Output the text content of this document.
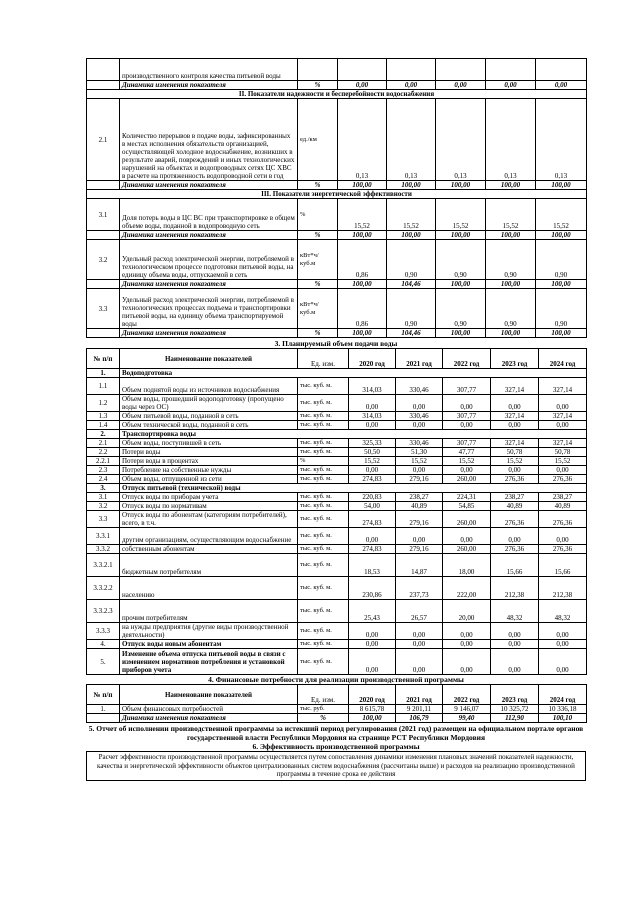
	производственного контроля качества питьевой воды						
	Динамика изменения показателя	%	0,00	0,00	0,00	0,00	0,00
II. Показатели надежности и бесперебойности водоснабжения							
2.1	Количество перерывов в подаче воды, зафиксированных в местах исполнения обязательств организацией, осуществляющей холодное водоснабжение, возникших в результате аварий, повреждений и иных технологических нарушений на объектах и водопроводных сетях ЦС ХВС в расчете на протяженность водопроводной сети в год	ед./км	0,13	0,13	0,13	0,13	0,13
	Динамика изменения показателя	%	100,00	100,00	100,00	100,00	100,00
III. Показатели энергетической эффективности							
3.1	Доля потерь воды в ЦС ВС при транспортировке в общем объеме воды, поданной в водопроводную сеть	%	15,52	15,52	15,52	15,52	15,52
	Динамика изменения показателя	%	100,00	100,00	100,00	100,00	100,00
3.2	Удельный расход электрической энергии, потребляемой в технологическом процессе подготовки питьевой воды, на единицу объема воды, отпускаемой в сеть	кВт*ч/ куб.м	0,86	0,90	0,90	0,90	0,90
	Динамика изменения показателя	%	100,00	104,46	100,00	100,00	100,00
3.3	Удельный расход электрической энергии, потребляемой в технологических процессах подъема и транспортировки питьевой воды, на единицу объема транспортируемой воды	кВт*ч/ куб.м	0,86	0,90	0,90	0,90	0,90
	Динамика изменения показателя	%	100,00	104,46	100,00	100,00	100,00
3. Планируемый объем подачи воды
№ п/п	Наименование показателей	Ед. изм.	2020 год	2021 год	2022 год	2023 год	2024 год
1.	Водоподготовка						
1.1	Объем поднятой воды из источников водоснабжения	тыс. куб. м.	314,03	330,46	307,77	327,14	327,14
1.2	Объем воды, прошедший водоподготовку (пропущено воды через ОС)	тыс. куб. м.	0,00	0,00	0,00	0,00	0,00
1.3	Объем питьевой воды, поданной в сеть	тыс. куб. м.	314,03	330,46	307,77	327,14	327,14
1.4	Объем технической воды, поданной в сеть	тыс. куб. м.	0,00	0,00	0,00	0,00	0,00
2.	Транспортировка воды						
2.1	Объем воды, поступившей в сеть	тыс. куб. м.	325,33	330,46	307,77	327,14	327,14
2.2	Потери воды	тыс. куб. м.	50,50	51,30	47,77	50,78	50,78
2.2.1	Потери воды в процентах	%	15,52	15,52	15,52	15,52	15,52
2.3	Потребление на собственные нужды	тыс. куб. м.	0,00	0,00	0,00	0,00	0,00
2.4	Объем воды, отпущенной из сети	тыс. куб. м.	274,83	279,16	260,00	276,36	276,36
3.	Отпуск питьевой (технической) воды						
3.1	Отпуск воды по приборам учета	тыс. куб. м.	220,83	238,27	224,31	238,27	238,27
3.2	Отпуск воды по нормативам	тыс. куб. м.	54,00	40,89	54,85	40,89	40,89
3.3	Отпуск воды по абонентам (категориям потребителей), всего, в т.ч.	тыс. куб. м.	274,83	279,16	260,00	276,36	276,36
3.3.1	другим организациям, осуществляющим водоснабжение	тыс. куб. м.	0,00	0,00	0,00	0,00	0,00
3.3.2	собственным абонентам	тыс. куб. м.	274,83	279,16	260,00	276,36	276,36
3.3.2.1	бюджетным потребителям	тыс. куб. м.	18,53	14,87	18,00	15,66	15,66
3.3.2.2	населению	тыс. куб. м.	230,86	237,73	222,00	212,38	212,38
3.3.2.3	прочим потребителям	тыс. куб. м.	25,43	26,57	20,00	48,32	48,32
3.3.3	на нужды предприятия (другие виды производственной деятельности)	тыс. куб. м.	0,00	0,00	0,00	0,00	0,00
4.	Отпуск воды новым абонентам	тыс. куб. м.	0,00	0,00	0,00	0,00	0,00
5.	Изменение объема отпуска питьевой воды в связи с изменением нормативов потребления и установкой приборов учета	тыс. куб. м.	0,00	0,00	0,00	0,00	0,00
4. Финансовые потребности для реализации производственной программы
№ п/п	Наименование показателей	Ед. изм.	2020 год	2021 год	2022 год	2023 год	2024 год
1.	Объем финансовых потребностей	тыс. руб.	8 615,78	9 201,11	9 146,07	10 325,72	10 336,18
	Динамика изменения показателя	%	100,00	106,79	99,40	112,90	100,10
5. Отчет об исполнении производственной программы за истекший период регулирования (2021 год) размещен на официальном портале органов государственной власти Республики Мордовия на странице РСТ Республики Мордовия
6. Эффективность производственной программы
Расчет эффективности производственной программы осуществляется путем сопоставления динамики изменения плановых значений показателей надежности, качества и энергетической эффективности объектов централизованных систем водоснабжения (рассчитаны выше) и расходов на реализацию производственной программы в течение срока ее действия
